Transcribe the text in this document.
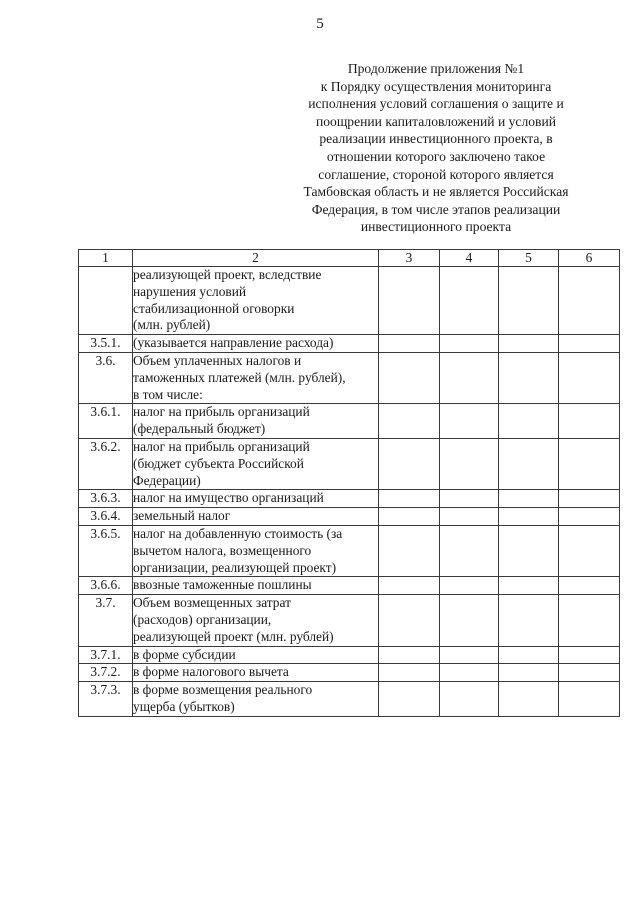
5
Продолжение приложения №1
к Порядку осуществления мониторинга
исполнения условий соглашения о защите и
поощрении капиталовложений и условий
реализации инвестиционного проекта, в
отношении которого заключено такое
соглашение, стороной которого является
Тамбовская область и не является Российская
Федерация, в том числе этапов реализации
инвестиционного проекта
1	2	3	4	5	6

	реализующей проект, вследствие
нарушения условий
стабилизационной оговорки
(млн. рублей)				

3.5.1.	(указывается направление расхода)				

3.6.	Объем уплаченных налогов и
таможенных платежей (млн. рублей),
в том числе:				

3.6.1.	налог на прибыль организаций
(федеральный бюджет)				

3.6.2.	налог на прибыль организаций
(бюджет субъекта Российской
Федерации)				

3.6.3.	налог на имущество организаций				

3.6.4.	земельный налог				

3.6.5.	налог на добавленную стоимость (за
вычетом налога, возмещенного
организации, реализующей проект)				

3.6.6.	ввозные таможенные пошлины				

3.7.	Объем возмещенных затрат
(расходов) организации,
реализующей проект (млн. рублей)				

3.7.1.	в форме субсидии				

3.7.2.	в форме налогового вычета				

3.7.3.	в форме возмещения реального
ущерба (убытков)				
